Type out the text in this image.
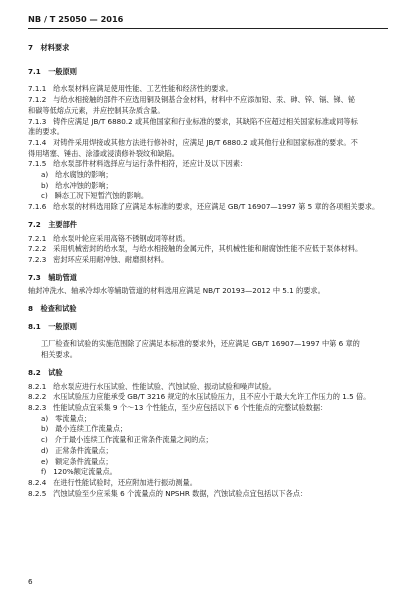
NB / T 25050 — 2016
7   材料要求
7.1   一般原则
7.1.1   给水泵材料应满足使用性能、工艺性能和经济性的要求。
7.1.2   与给水相接触的部件不应选用铜及铜基合金材料，材料中不应添加铅、汞、砷、锌、镉、锑、铋
和碳等低熔点元素，并应控制其杂质含量。
7.1.3   铸件应满足 JB/T 6880.2 或其他国家和行业标准的要求，其缺陷不应超过相关国家标准或同等标
准的要求。
7.1.4   对铸件采用焊接或其他方法进行修补时，应满足 JB/T 6880.2 或其他行业和国家标准的要求。不
得用堵塞、锤击、涂漆或浸渍修补裂纹和缺陷。
7.1.5   给水泵部件材料选择应与运行条件相符，还应计及以下因素：
a)   给水腐蚀的影响；
b)   给水冲蚀的影响；
c)   瞬态工况下短暂汽蚀的影响。
7.1.6   给水泵的材料选用除了应满足本标准的要求，还应满足 GB/T 16907—1997 第 5 章的各项相关要求。
7.2   主要部件
7.2.1   给水泵叶轮应采用高铬不锈钢或同等材质。
7.2.2   采用机械密封的给水泵，与给水相接触的金属元件，其机械性能和耐腐蚀性能不应低于泵体材料。
7.2.3   密封环应采用耐冲蚀、耐磨损材料。
7.3   辅助管道
轴封冲洗水、轴承冷却水等辅助管道的材料选用应满足 NB/T 20193—2012 中 5.1 的要求。
8   检查和试验
8.1   一般原则
工厂检查和试验的实施范围除了应满足本标准的要求外，还应满足 GB/T 16907—1997 中第 6 章的
相关要求。
8.2   试验
8.2.1   给水泵应进行水压试验、性能试验、汽蚀试验、振动试验和噪声试验。
8.2.2   水压试验压力应能承受 GB/T 3216 规定的水压试验压力，且不应小于最大允许工作压力的 1.5 倍。
8.2.3   性能试验点宜采集 9 个～13 个性能点，至少应包括以下 6 个性能点的完整试验数据：
a)   零流量点；
b)   最小连续工作流量点；
c)   介于最小连续工作流量和正常条件流量之间的点；
d)   正常条件流量点；
e)   额定条件流量点；
f)   120%额定流量点。
8.2.4   在进行性能试验时，还应附加进行振动测量。
8.2.5   汽蚀试验至少应采集 6 个流量点的 NPSHR 数据，汽蚀试验点宜包括以下各点：
6
